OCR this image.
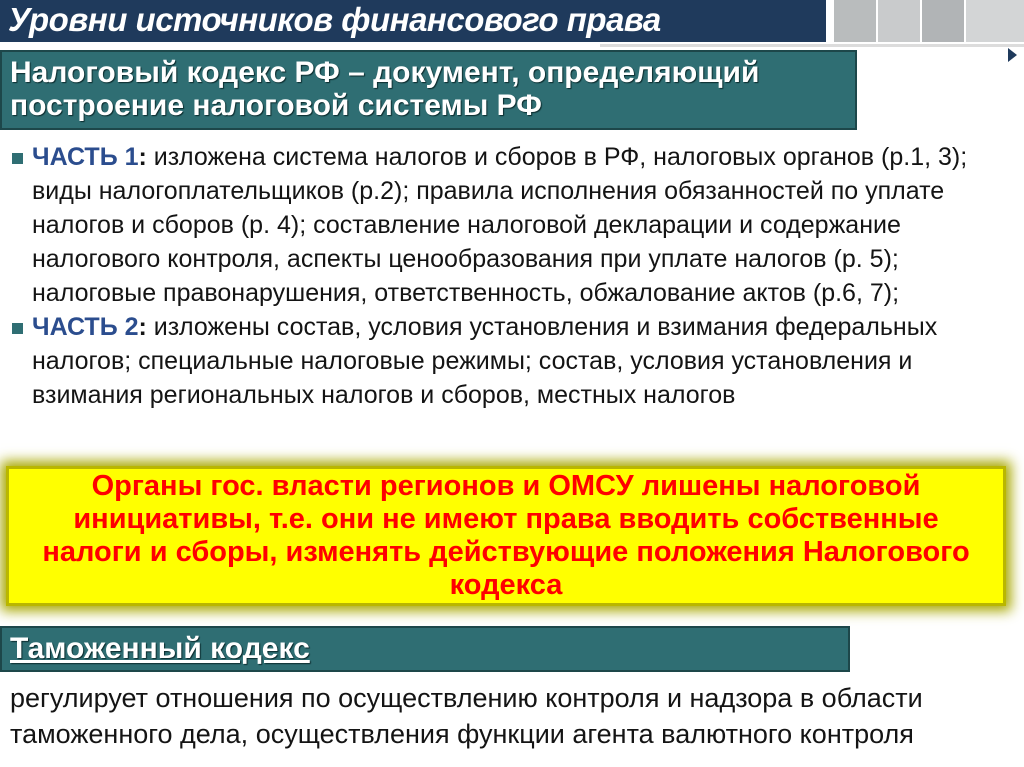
Уровни источников финансового права
Налоговый кодекс РФ – документ, определяющий построение налоговой системы РФ
ЧАСТЬ 1: изложена система налогов и сборов в РФ, налоговых органов (р.1, 3); виды налогоплательщиков (р.2); правила исполнения обязанностей по уплате налогов и сборов (р. 4); составление налоговой декларации и содержание налогового контроля, аспекты ценообразования при уплате налогов (р. 5); налоговые правонарушения, ответственность, обжалование актов (р.6, 7);
ЧАСТЬ 2: изложены состав, условия установления и взимания федеральных налогов; специальные налоговые режимы; состав, условия установления и взимания региональных налогов и сборов, местных налогов
Органы гос. власти регионов и ОМСУ лишены налоговой инициативы, т.е. они не имеют права вводить собственные налоги и сборы, изменять действующие положения Налогового кодекса
Таможенный кодекс
регулирует отношения по осуществлению контроля и надзора в области таможенного дела, осуществления функции агента валютного контроля
